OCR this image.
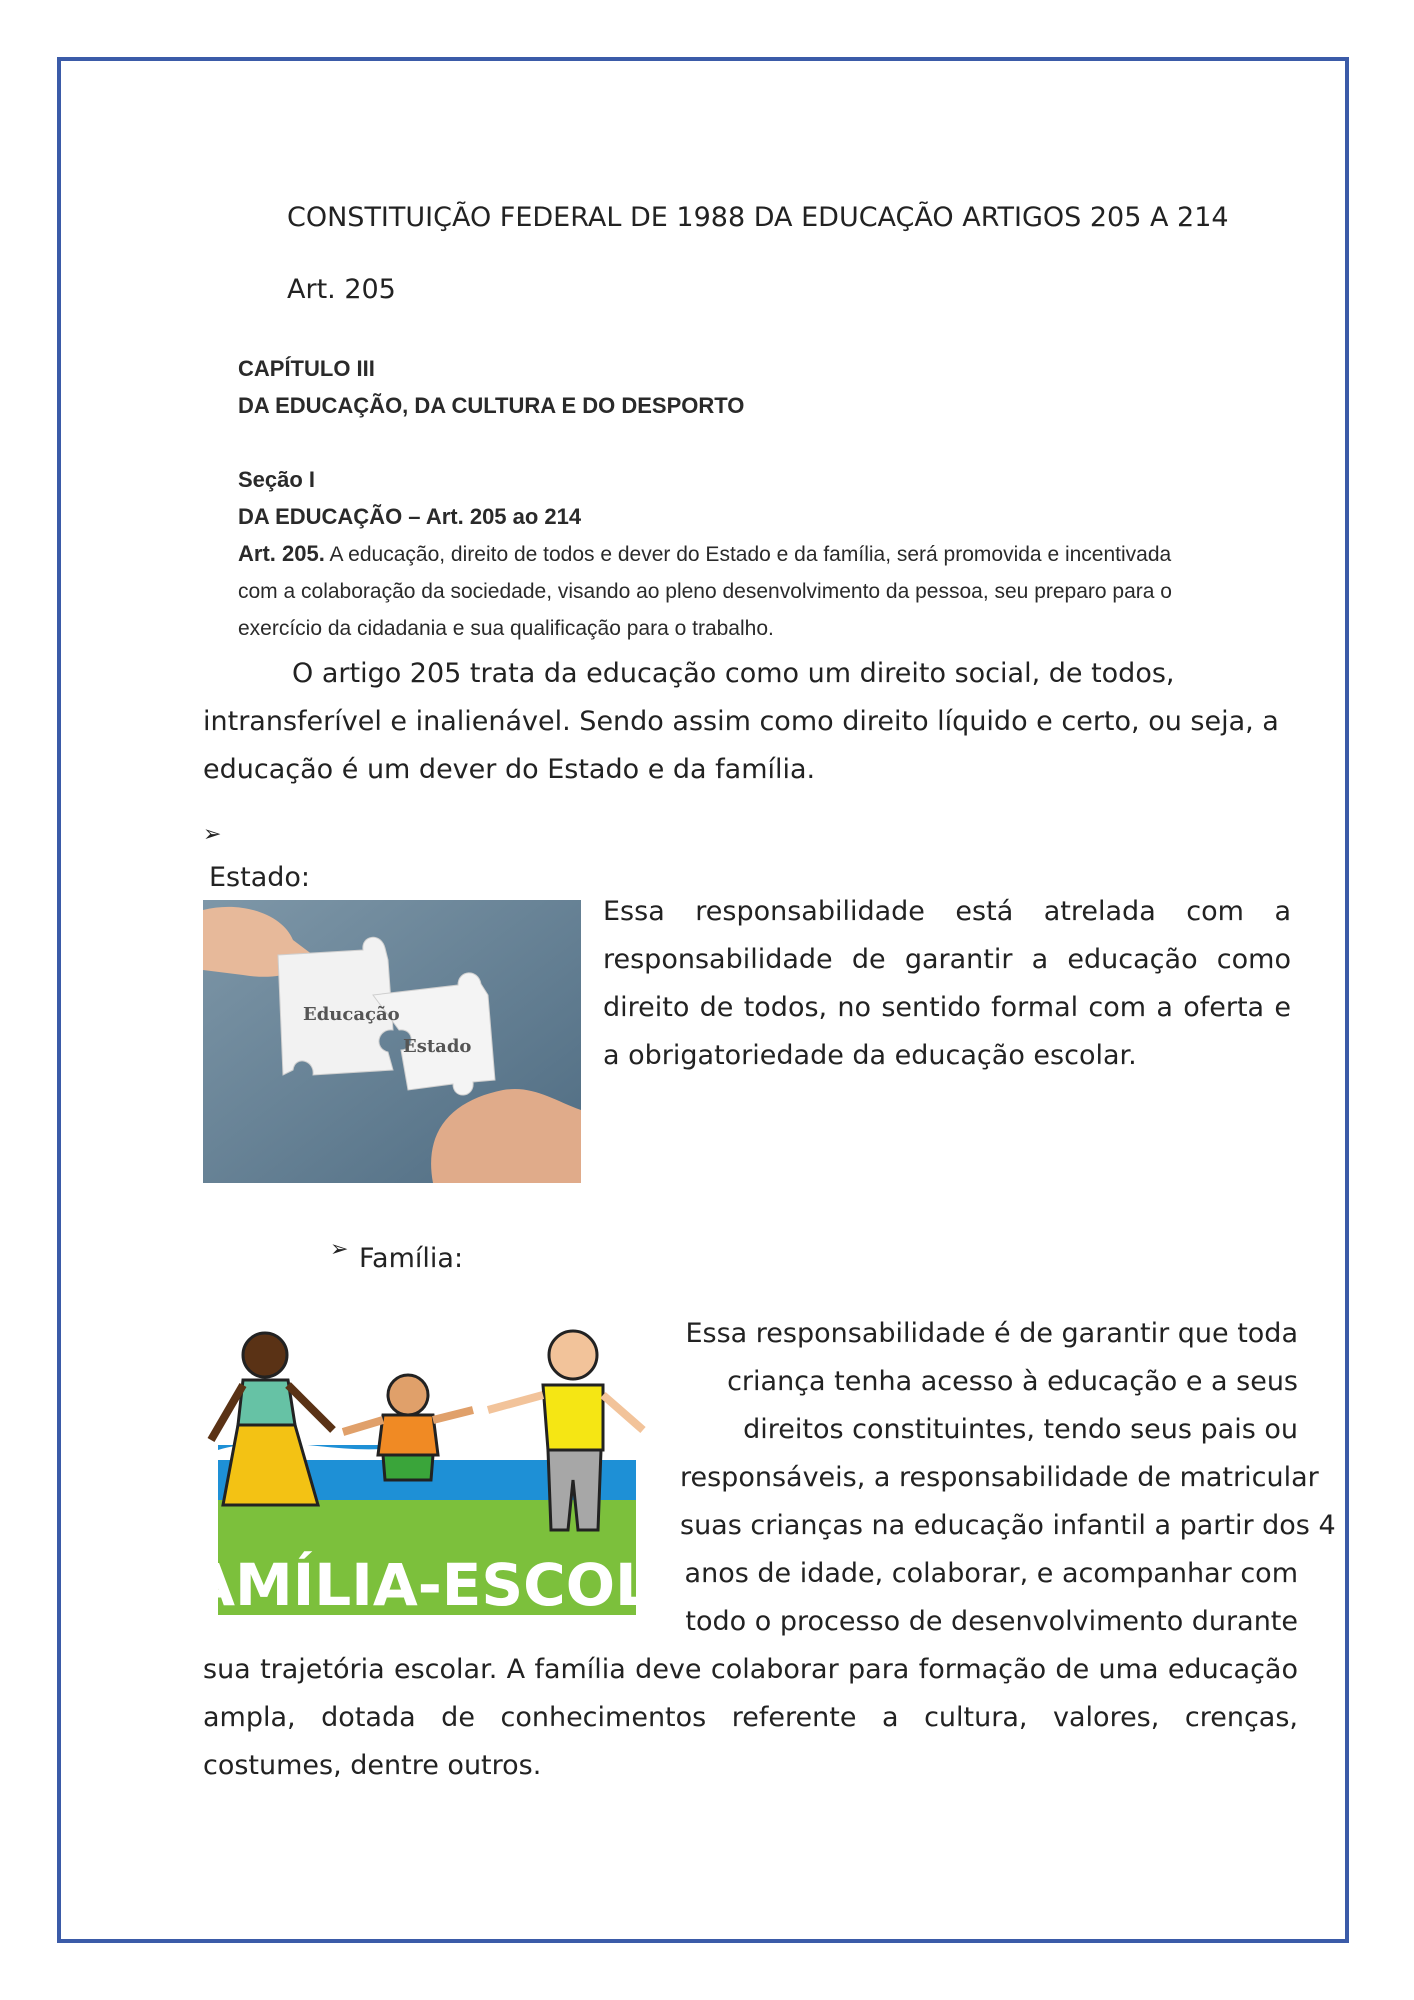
CONSTITUIÇÃO FEDERAL DE 1988 DA EDUCAÇÃO ARTIGOS 205 A 214
Art. 205
CAPÍTULO III
DA EDUCAÇÃO, DA CULTURA E DO DESPORTO
Seção I
DA EDUCAÇÃO – Art. 205 ao 214
Art. 205. A educação, direito de todos e dever do Estado e da família, será promovida e incentivada
com a colaboração da sociedade, visando ao pleno desenvolvimento da pessoa, seu preparo para o
exercício da cidadania e sua qualificação para o trabalho.

O artigo 205 trata da educação como um direito social, de todos, intransferível e inalienável. Sendo assim como direito líquido e certo, ou seja, a educação é um dever do Estado e da família.

➢
Estado:
Educação
Estado
Essa responsabilidade está atrelada com a responsabilidade de garantir a educação como direito de todos, no sentido formal com a oferta e a obrigatoriedade da educação escolar.
➢ Família:
FAMÍLIA-ESCOLA
Essa responsabilidade é de garantir que toda
criança tenha acesso à educação e a seus
direitos constituintes, tendo seus pais ou
responsáveis, a responsabilidade de matricular
suas crianças na educação infantil a partir dos 4
anos de idade, colaborar, e acompanhar com
todo o processo de desenvolvimento durante
sua trajetória escolar. A família deve colaborar para formação de uma educação ampla, dotada de conhecimentos referente a cultura, valores, crenças, costumes, dentre outros.
